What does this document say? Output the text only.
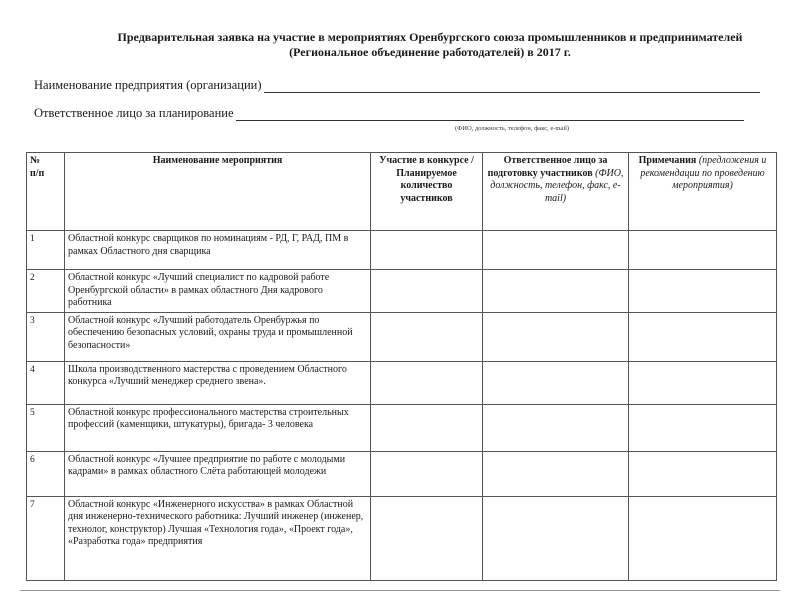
Предварительная заявка на участие в мероприятиях Оренбургского союза промышленников и предпринимателей
(Региональное объединение работодателей) в 2017 г.
Наименование предприятия (организации)
Ответственное лицо за планирование
(ФИО, должность, телефон, факс, e-mail)
№
п/п	Наименование мероприятия	Участие в конкурсе / Планируемое количество участников	Ответственное лицо за подготовку участников (ФИО, должность, телефон, факс, e-mail)	Примечания (предложения и рекомендации по проведению мероприятия)
1	Областной конкурс сварщиков по номинациям - РД, Г, РАД, ПМ в рамках Областного дня сварщика			
2	Областной конкурс «Лучший специалист по кадровой работе Оренбургской области» в рамках областного Дня кадрового работника			
3	Областной конкурс «Лучший работодатель Оренбуржья по обеспечению безопасных условий, охраны труда и промышленной безопасности»			
4	Школа производственного мастерства с проведением Областного конкурса «Лучший менеджер среднего звена».			
5	Областной конкурс профессионального мастерства строительных профессий (каменщики, штукатуры), бригада- 3 человека			
6	Областной конкурс «Лучшее предприятие по работе с молодыми кадрами» в рамках областного Слёта работающей молодежи			
7	Областной конкурс «Инженерного искусства» в рамках Областной дня инженерно-технического работника: Лучший инженер (инженер, технолог, конструктор) Лучшая «Технология года», «Проект года», «Разработка года» предприятия			
